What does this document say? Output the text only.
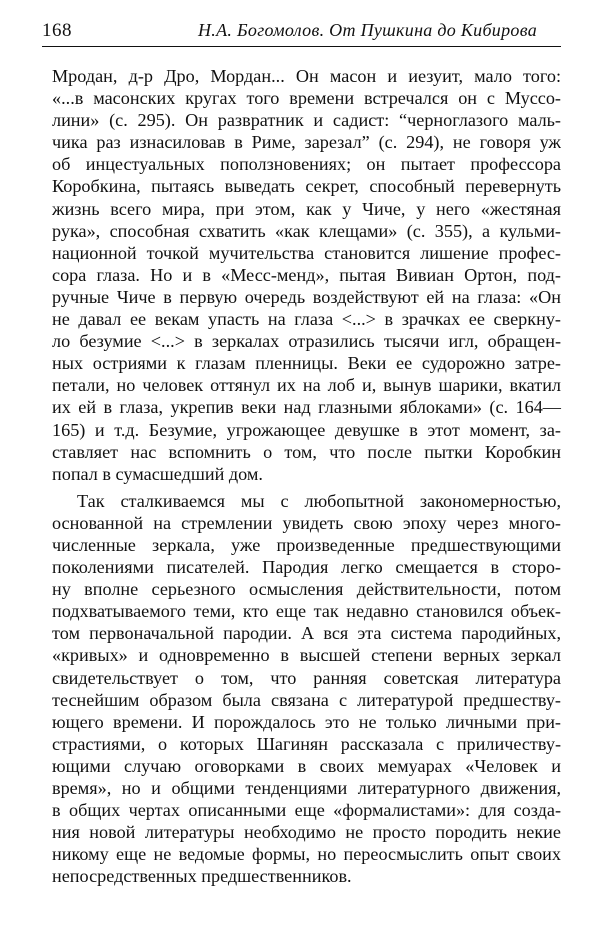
168	Н.А. Богомолов. От Пушкина до Кибирова
Мродан, д-р Дро, Мордан... Он масон и иезуит, мало того:
«...в масонских кругах того времени встречался он с Муссо-
лини» (с. 295). Он развратник и садист: “черноглазого маль-
чика раз изнасиловав в Риме, зарезал” (с. 294), не говоря уж
об инцестуальных поползновениях; он пытает профессора
Коробкина, пытаясь выведать секрет, способный перевернуть
жизнь всего мира, при этом, как у Чиче, у него «жестяная
рука», способная схватить «как клещами» (с. 355), а кульми-
национной точкой мучительства становится лишение профес-
сора глаза. Но и в «Месс-менд», пытая Вивиан Ортон, под-
ручные Чиче в первую очередь воздействуют ей на глаза: «Он
не давал ее векам упасть на глаза <...> в зрачках ее сверкну-
ло безумие <...> в зеркалах отразились тысячи игл, обращен-
ных остриями к глазам пленницы. Веки ее судорожно затре-
петали, но человек оттянул их на лоб и, вынув шарики, вкатил
их ей в глаза, укрепив веки над глазными яблоками» (с. 164—
165) и т.д. Безумие, угрожающее девушке в этот момент, за-
ставляет нас вспомнить о том, что после пытки Коробкин
попал в сумасшедший дом.
Так сталкиваемся мы с любопытной закономерностью,
основанной на стремлении увидеть свою эпоху через много-
численные зеркала, уже произведенные предшествующими
поколениями писателей. Пародия легко смещается в сторо-
ну вполне серьезного осмысления действительности, потом
подхватываемого теми, кто еще так недавно становился объек-
том первоначальной пародии. А вся эта система пародийных,
«кривых» и одновременно в высшей степени верных зеркал
свидетельствует о том, что ранняя советская литература
теснейшим образом была связана с литературой предшеству-
ющего времени. И порождалось это не только личными при-
страстиями, о которых Шагинян рассказала с приличеству-
ющими случаю оговорками в своих мемуарах «Человек и
время», но и общими тенденциями литературного движения,
в общих чертах описанными еще «формалистами»: для созда-
ния новой литературы необходимо не просто породить некие
никому еще не ведомые формы, но переосмыслить опыт своих
непосредственных предшественников.
